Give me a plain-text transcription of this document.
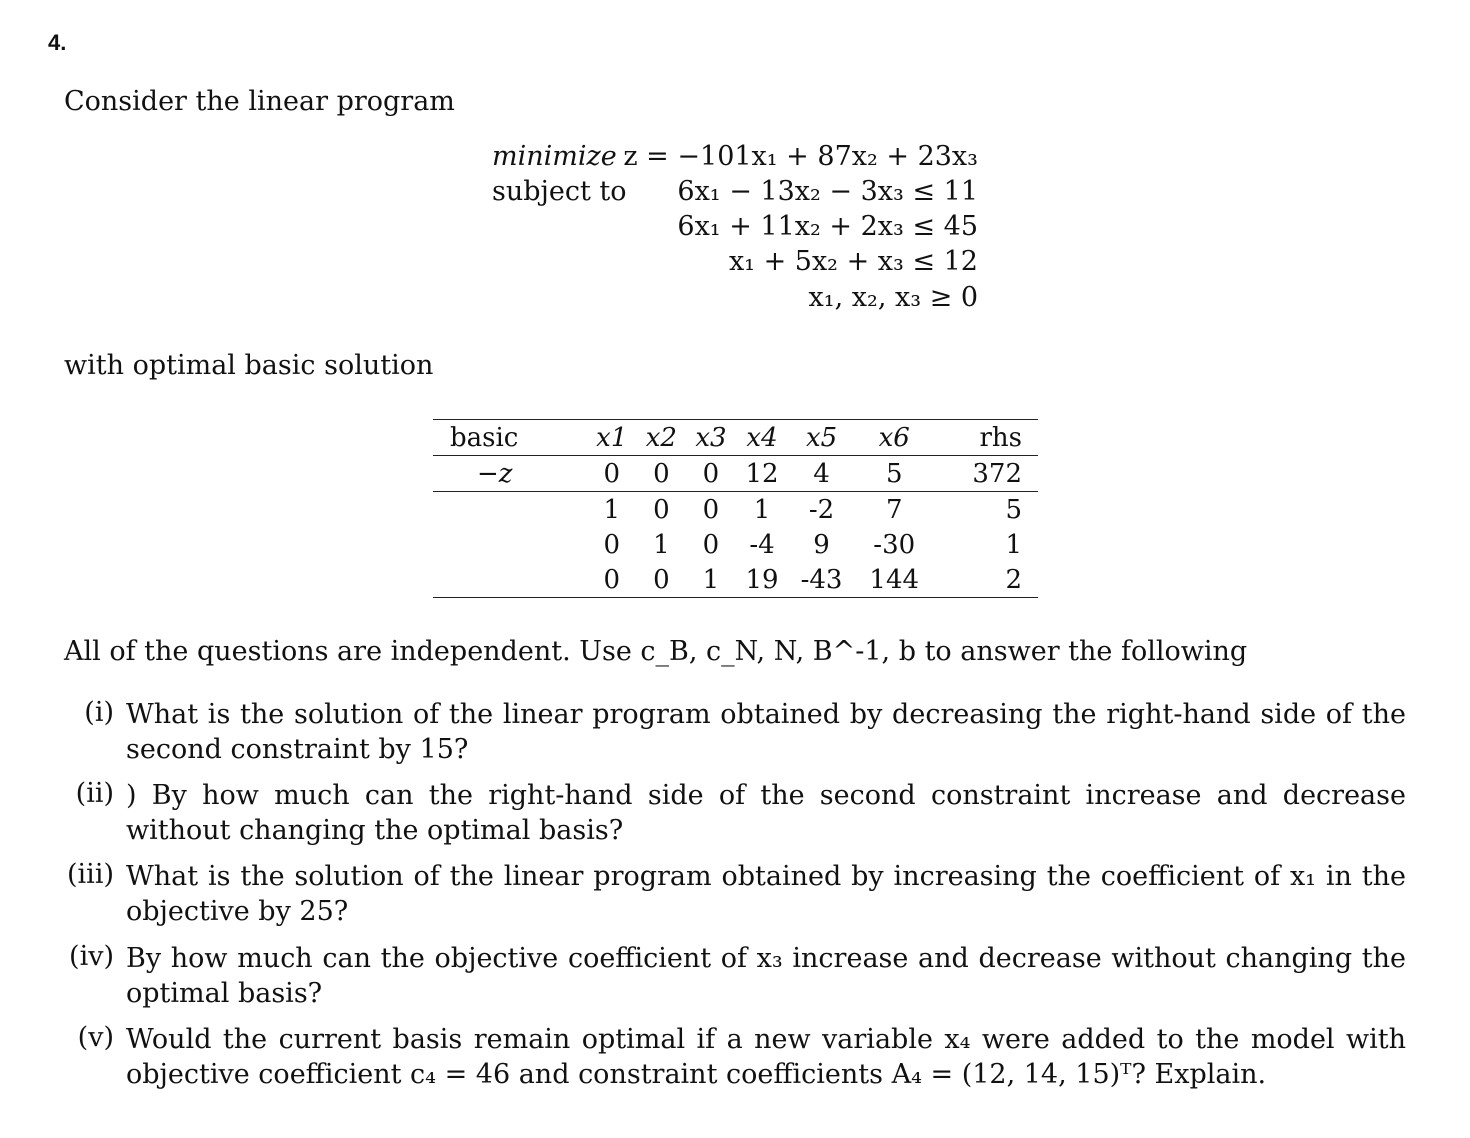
4.
Consider the linear program
minimize
subject to
z = −101x₁ + 87x₂ + 23x₃
6x₁ − 13x₂ − 3x₃ ≤ 11
6x₁ + 11x₂ + 2x₃ ≤ 45
x₁ + 5x₂ + x₃ ≤ 12
x₁, x₂, x₃ ≥ 0
with optimal basic solution
basic	x1	x2	x3	x4	x5	x6	rhs
−z	0	0	0	12	4	5	372
	1	0	0	1	-2	7	5
	0	1	0	-4	9	-30	1
	0	0	1	19	-43	144	2
All of the questions are independent. Use c_B, c_N, N, B^-1, b to answer the following
(i) What is the solution of the linear program obtained by decreasing the right-hand side of the second constraint by 15?
(ii) ) By how much can the right-hand side of the second constraint increase and decrease without changing the optimal basis?
(iii) What is the solution of the linear program obtained by increasing the coefficient of x₁ in the objective by 25?
(iv) By how much can the objective coefficient of x₃ increase and decrease without changing the optimal basis?
(v) Would the current basis remain optimal if a new variable x₄ were added to the model with objective coefficient c₄ = 46 and constraint coefficients A₄ = (12, 14, 15)ᵀ? Explain.
